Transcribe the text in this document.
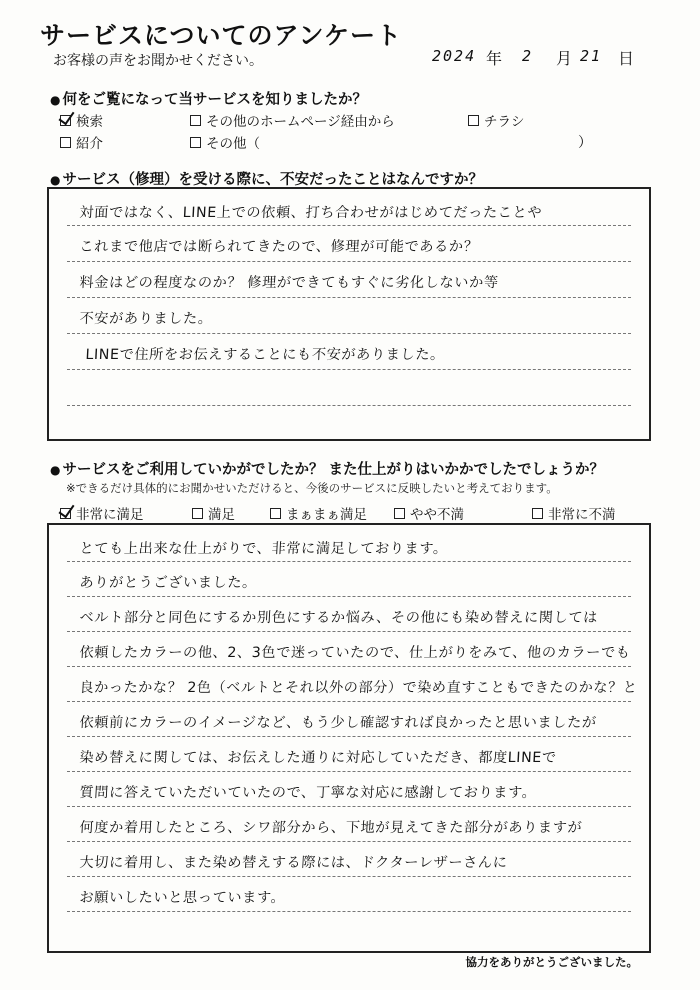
サービスについてのアンケート
お客様の声をお聞かせください。	2024 年 2 月 21 日
● 何をご覧になって当サービスを知りましたか？
検索	その他のホームページ経由から	チラシ
紹介	その他（	）
● サービス（修理）を受ける際に、不安だったことはなんですか？
対面ではなく、LINE上での依頼、打ち合わせがはじめてだったことや
これまで他店では断られてきたので、修理が可能であるか？
料金はどの程度なのか？ 修理ができてもすぐに劣化しないか等
不安がありました。
LINEで住所をお伝えすることにも不安がありました。
● サービスをご利用していかがでしたか？ また仕上がりはいかかでしたでしょうか？
※できるだけ具体的にお聞かせいただけると、今後のサービスに反映したいと考えております。
非常に満足	満足	まぁまぁ満足	やや不満	非常に不満
とても上出来な仕上がりで、非常に満足しております。
ありがとうございました。
ベルト部分と同色にするか別色にするか悩み、その他にも染め替えに関しては
依頼したカラーの他、2、3色で迷っていたので、仕上がりをみて、他のカラーでも
良かったかな？ 2色（ベルトとそれ以外の部分）で染め直すこともできたのかな？と
依頼前にカラーのイメージなど、もう少し確認すれば良かったと思いましたが
染め替えに関しては、お伝えした通りに対応していただき、都度LINEで
質問に答えていただいていたので、丁寧な対応に感謝しております。
何度か着用したところ、シワ部分から、下地が見えてきた部分がありますが
大切に着用し、また染め替えする際には、ドクターレザーさんに
お願いしたいと思っています。
協力をありがとうございました。
